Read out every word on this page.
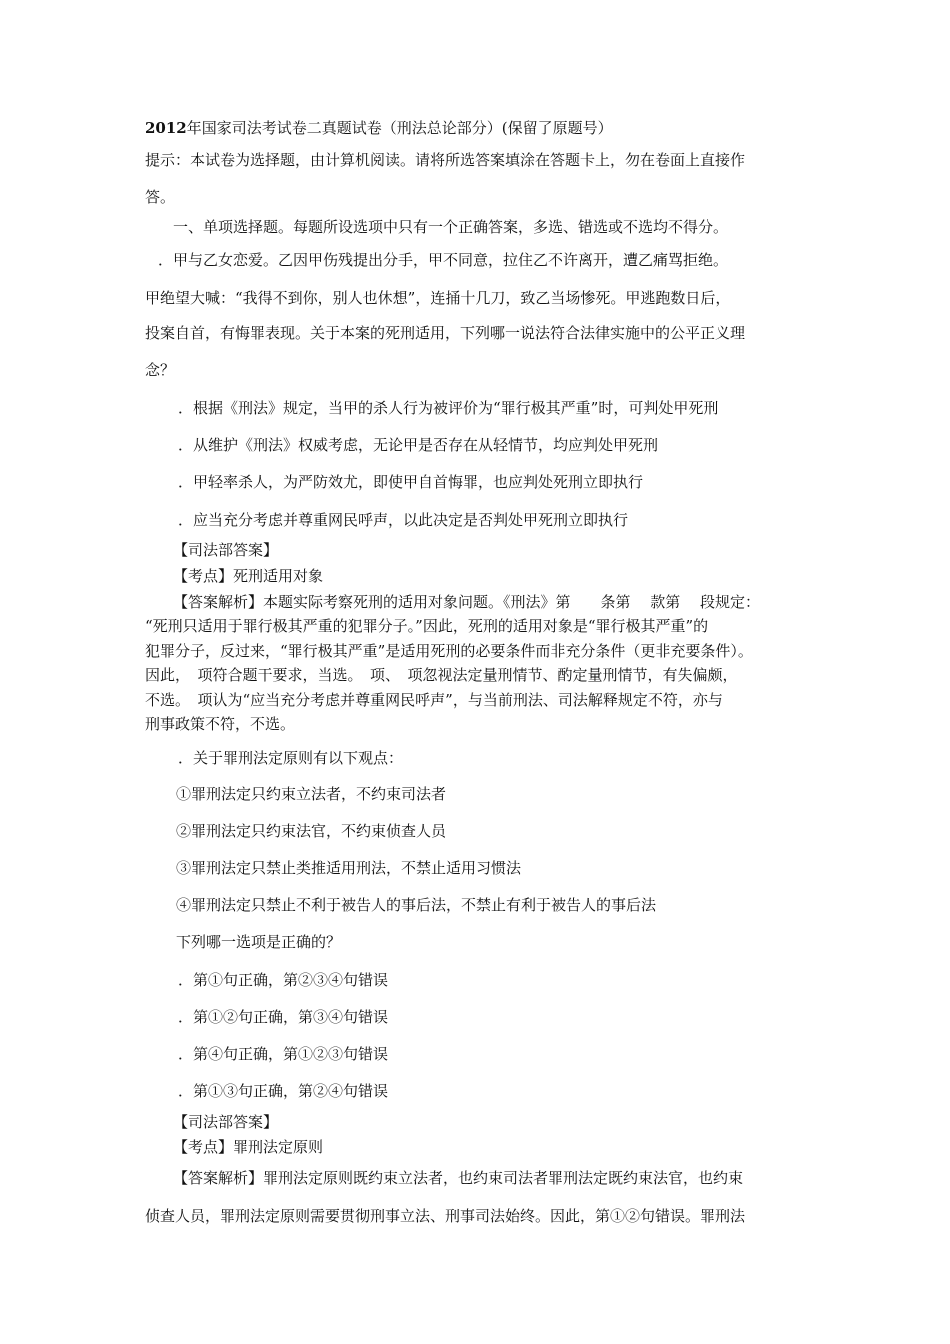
2012年国家司法考试卷二真题试卷（刑法总论部分）(保留了原题号）
提示：本试卷为选择题，由计算机阅读。请将所选答案填涂在答题卡上，勿在卷面上直接作
答。
一、单项选择题。每题所设选项中只有一个正确答案，多选、错选或不选均不得分。
．甲与乙女恋爱。乙因甲伤残提出分手，甲不同意，拉住乙不许离开，遭乙痛骂拒绝。
甲绝望大喊：“我得不到你，别人也休想”，连捅十几刀，致乙当场惨死。甲逃跑数日后，
投案自首，有悔罪表现。关于本案的死刑适用，下列哪一说法符合法律实施中的公平正义理
念？
．根据《刑法》规定，当甲的杀人行为被评价为“罪行极其严重”时，可判处甲死刑
．从维护《刑法》权威考虑，无论甲是否存在从轻情节，均应判处甲死刑
．甲轻率杀人，为严防效尤，即使甲自首悔罪，也应判处死刑立即执行
．应当充分考虑并尊重网民呼声，以此决定是否判处甲死刑立即执行
【司法部答案】
【考点】死刑适用对象
【答案解析】本题实际考察死刑的适用对象问题。《刑法》第　　条第　 款第　 段规定：
“死刑只适用于罪行极其严重的犯罪分子。”因此，死刑的适用对象是“罪行极其严重”的
犯罪分子，反过来，“罪行极其严重”是适用死刑的必要条件而非充分条件（更非充要条件）。
因此，　项符合题干要求，当选。　项、　项忽视法定量刑情节、酌定量刑情节，有失偏颇，
不选。　项认为“应当充分考虑并尊重网民呼声”，与当前刑法、司法解释规定不符，亦与
刑事政策不符，不选。
．关于罪刑法定原则有以下观点：
①罪刑法定只约束立法者，不约束司法者
②罪刑法定只约束法官，不约束侦查人员
③罪刑法定只禁止类推适用刑法，不禁止适用习惯法
④罪刑法定只禁止不利于被告人的事后法，不禁止有利于被告人的事后法
下列哪一选项是正确的？
．第①句正确，第②③④句错误
．第①②句正确，第③④句错误
．第④句正确，第①②③句错误
．第①③句正确，第②④句错误
【司法部答案】
【考点】罪刑法定原则
【答案解析】罪刑法定原则既约束立法者，也约束司法者罪刑法定既约束法官，也约束
侦查人员，罪刑法定原则需要贯彻刑事立法、刑事司法始终。因此，第①②句错误。罪刑法
